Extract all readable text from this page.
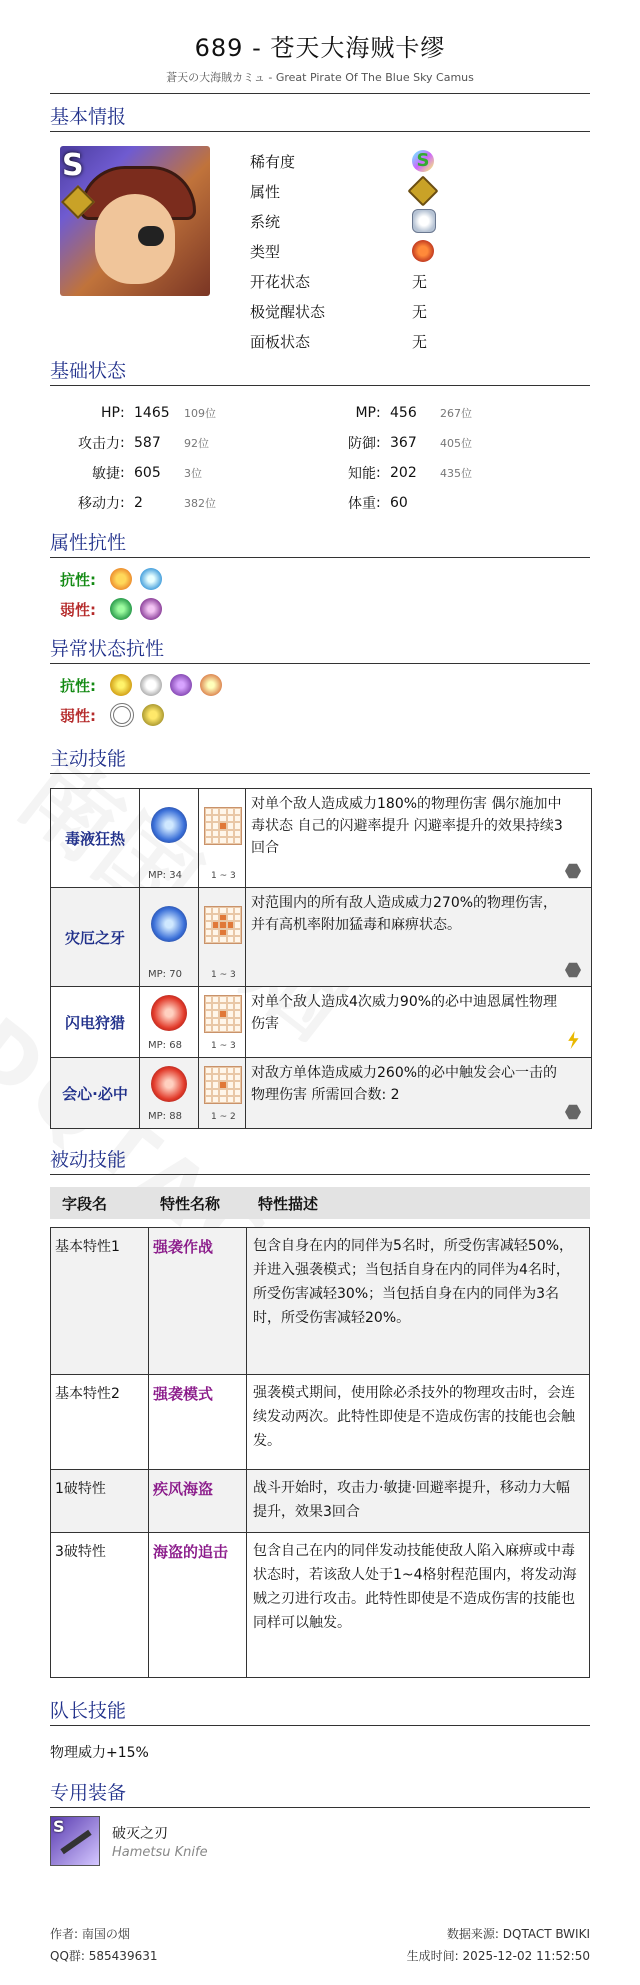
689 - 苍天大海贼卡缪
蒼天の大海賊カミュ - Great Pirate Of The Blue Sky Camus
基本情报
S	稀有度	S
属性
系统
类型
开花状态	无
极觉醒状态	无
面板状态	无
基础状态
HP : 1465	109位	MP : 456	267位
攻击力 : 587	92位	防御 : 367	405位
敏捷 : 605	3位	知能 : 202	435位
移动力 : 2	382位	体重 : 60
属性抗性
抗性:
弱性:
异常状态抗性
抗性:
弱性:
主动技能
毒液狂热
MP: 34	1 ~ 3
对单个敌人造成威力180%的物理伤害 偶尔施加中毒状态 自己的闪避率提升 闪避率提升的效果持续3回合
灾厄之牙
MP: 70	1 ~ 3
对范围内的所有敌人造成威力270%的物理伤害，并有高机率附加猛毒和麻痹状态。
闪电狩猎
MP: 68	1 ~ 3
对单个敌人造成4次威力90%的必中迪恩属性物理伤害
会心·必中
MP: 88	1 ~ 2
对敌方单体造成威力260%的必中触发会心一击的物理伤害 所需回合数: 2
被动技能
字段名	特性名称	特性描述
基本特性1	强袭作战	包含自身在内的同伴为5名时，所受伤害减轻50%，并进入强袭模式；当包括自身在内的同伴为4名时，所受伤害减轻30%；当包括自身在内的同伴为3名时，所受伤害减轻20%。
基本特性2	强袭模式	强袭模式期间，使用除必杀技外的物理攻击时，会连续发动两次。此特性即使是不造成伤害的技能也会触发。
1破特性	疾风海盗	战斗开始时，攻击力·敏捷·回避率提升，移动力大幅提升，效果3回合
3破特性	海盗的追击	包含自己在内的同伴发动技能使敌人陷入麻痹或中毒状态时，若该敌人处于1~4格射程范围内，将发动海贼之刃进行攻击。此特性即使是不造成伤害的技能也同样可以触发。
队长技能
物理威力+15%
专用装备
S	破灭之刃
Hametsu Knife
作者: 南国の烟	数据来源: DQTACT BWIKI
QQ群: 585439631	生成时间: 2025-12-02 11:52:50
